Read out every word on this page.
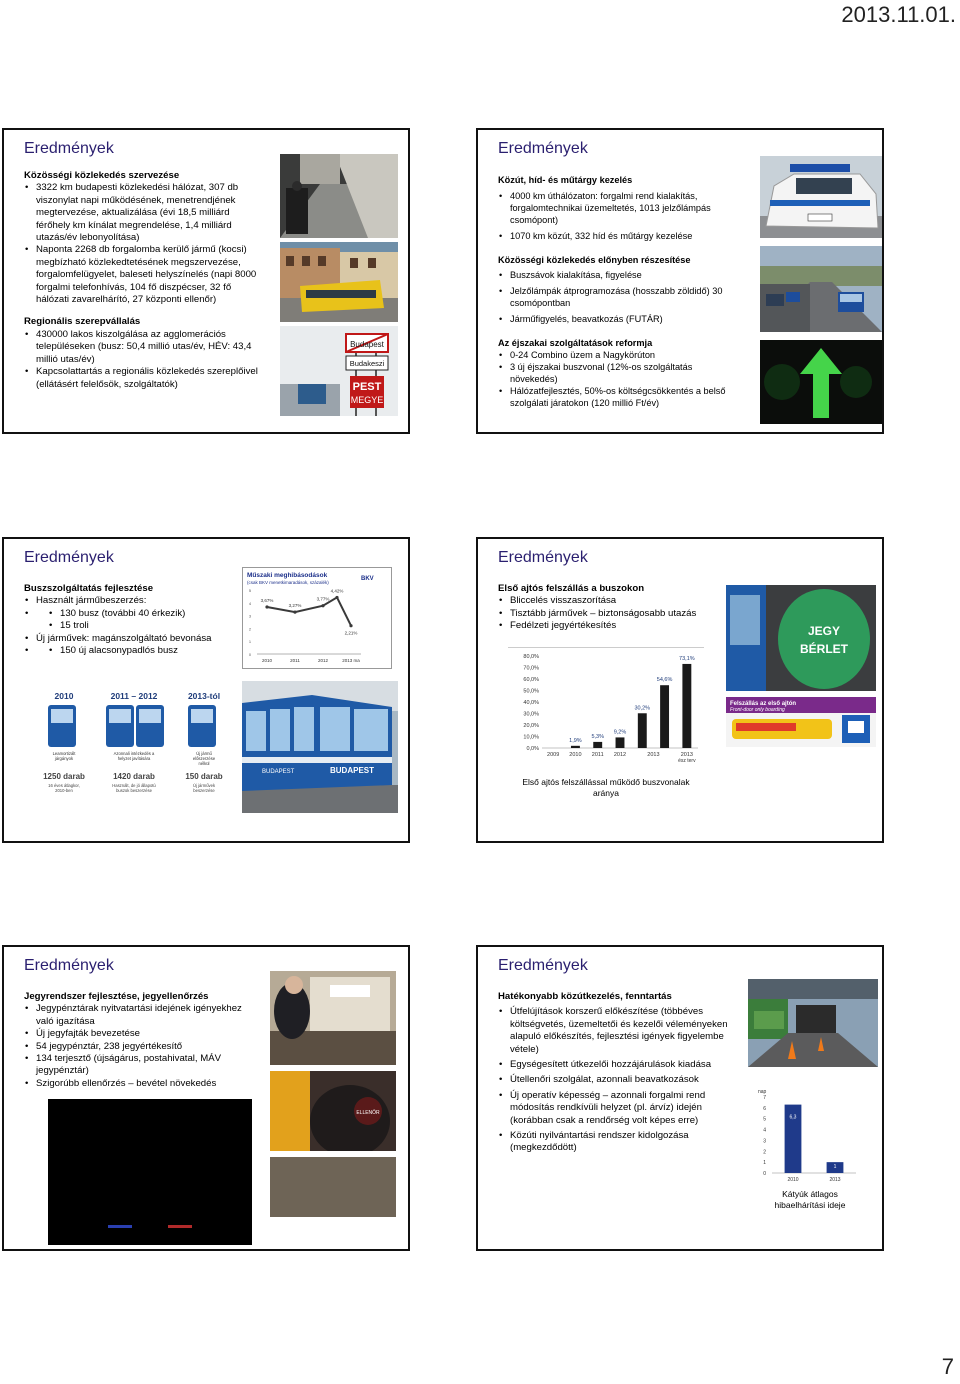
2013.11.01.
7
Eredmények
Közösségi közlekedés szervezése
• 3322 km budapesti közlekedési hálózat, 307 db viszonylat napi működésének, menetrendjének megtervezése, aktualizálása (évi 18,5 milliárd férőhely km kínálat megrendelése, 1,4 milliárd utazás/év lebonyolítása)
• Naponta 2268 db forgalomba kerülő jármű (kocsi) megbízható közlekedtetésének megszervezése, forgalomfelügyelet, baleseti helyszínelés (napi 8000 forgalmi telefonhívás, 104 fő diszpécser, 32 fő hálózati zavarelhárító, 27 központi ellenőr)
Regionális szerepvállalás
• 430000 lakos kiszolgálása az agglomerációs településeken (busz: 50,4 millió utas/év, HÉV: 43,4 millió utas/év)
• Kapcsolattartás a regionális közlekedés szereplőivel (ellátásért felelősök, szolgáltatók)
Budapest
Budakeszi
PEST
MEGYE
Eredmények
Közút, híd- és műtárgy kezelés
• 4000 km úthálózaton: forgalmi rend kialakítás, forgalomtechnikai üzemeltetés, 1013 jelzőlámpás csomópont)
• 1070 km közút, 332 híd és műtárgy kezelése
Közösségi közlekedés előnyben részesítése
• Buszsávok kialakítása, figyelése
• Jelzőlámpák átprogramozása (hosszabb zöldidő) 30 csomópontban
• Járműfigyelés, beavatkozás (FUTÁR)
Az éjszakai szolgáltatások reformja
• 0-24 Combino üzem a Nagykörúton
• 3 új éjszakai buszvonal (12%-os szolgáltatás növekedés)
• Hálózatfejlesztés, 50%-os költségcsökkentés a belső szolgálati járatokon (120 millió Ft/év)
Eredmények
Buszszolgáltatás fejlesztése
• Használt járműbeszerzés:
• • 130 busz (további 40 érkezik)
• 15 troli
• Új járművek: magánszolgáltató bevonása
• • 150 új alacsonypadlós busz
Műszaki meghibásodások
(csak BKV menetkimaradások, százalék)
BKV
5
4
3
2
1
0
2010	2011	2012	2013 ma
3,67%
3,27%
3,77%
4,42%
2,21%
2010
Leamortizált
járgányok
1250 darab
16 éves átlagkor,
2010-ben
2011 – 2012
Azonnali intézkedés a
helyzet javítására
1420 darab
Használt, de jó állapotú
buszok beszerzése
2013-tól
Új jármű
előszerzése
nélkül
150 darab
Új járművek
beszerzése
BUDAPEST	BUDAPEST
Eredmények
Első ajtós felszállás a buszokon
• Bliccelés visszaszorítása
• Tisztább járművek – biztonságosabb utazás
• Fedélzeti jegyértékesítés
80,0%
70,0%
60,0%
50,0%
40,0%
30,0%
20,0%
10,0%
0,0%
1,9%
5,3%
9,2%
30,2%
54,6%
73,1%
2009 2010 2011 2012	2013	2013
ész terv
Első ajtós felszállással működő buszvonalak aránya
JEGY
BÉRLET
Felszállás az első ajtón
Front-door only boarding
Eredmények
Jegyrendszer fejlesztése, jegyellenőrzés
• Jegypénztárak nyitvatartási idejének igényekhez való igazítása
• Új jegyfajták bevezetése
• 54 jegypénztár, 238 jegyértékesítő
• 134 terjesztő (újságárus, postahivatal, MÁV jegypénztár)
• Szigorúbb ellenőrzés – bevétel növekedés
ELLENŐR
Eredmények
Hatékonyabb közútkezelés, fenntartás
• Útfelújítások korszerű előkészítése (többéves költségvetés, üzemeltetői és kezelői véleményeken alapuló előkészítés, fejlesztési igények figyelembe vétele)
• Egységesített útkezelői hozzájárulások kiadása
• Útellenőri szolgálat, azonnali beavatkozások
• Új operatív képesség – azonnali forgalmi rend módosítás rendkívüli helyzet (pl. árvíz) idején (korábban csak a rendőrség volt képes erre)
• Közúti nyilvántartási rendszer kidolgozása (megkezdődött)
nap
7
6
5
4
3
2
1
0
6,3
2010
1
2013
Kátyúk átlagos hibaelhárítási ideje
